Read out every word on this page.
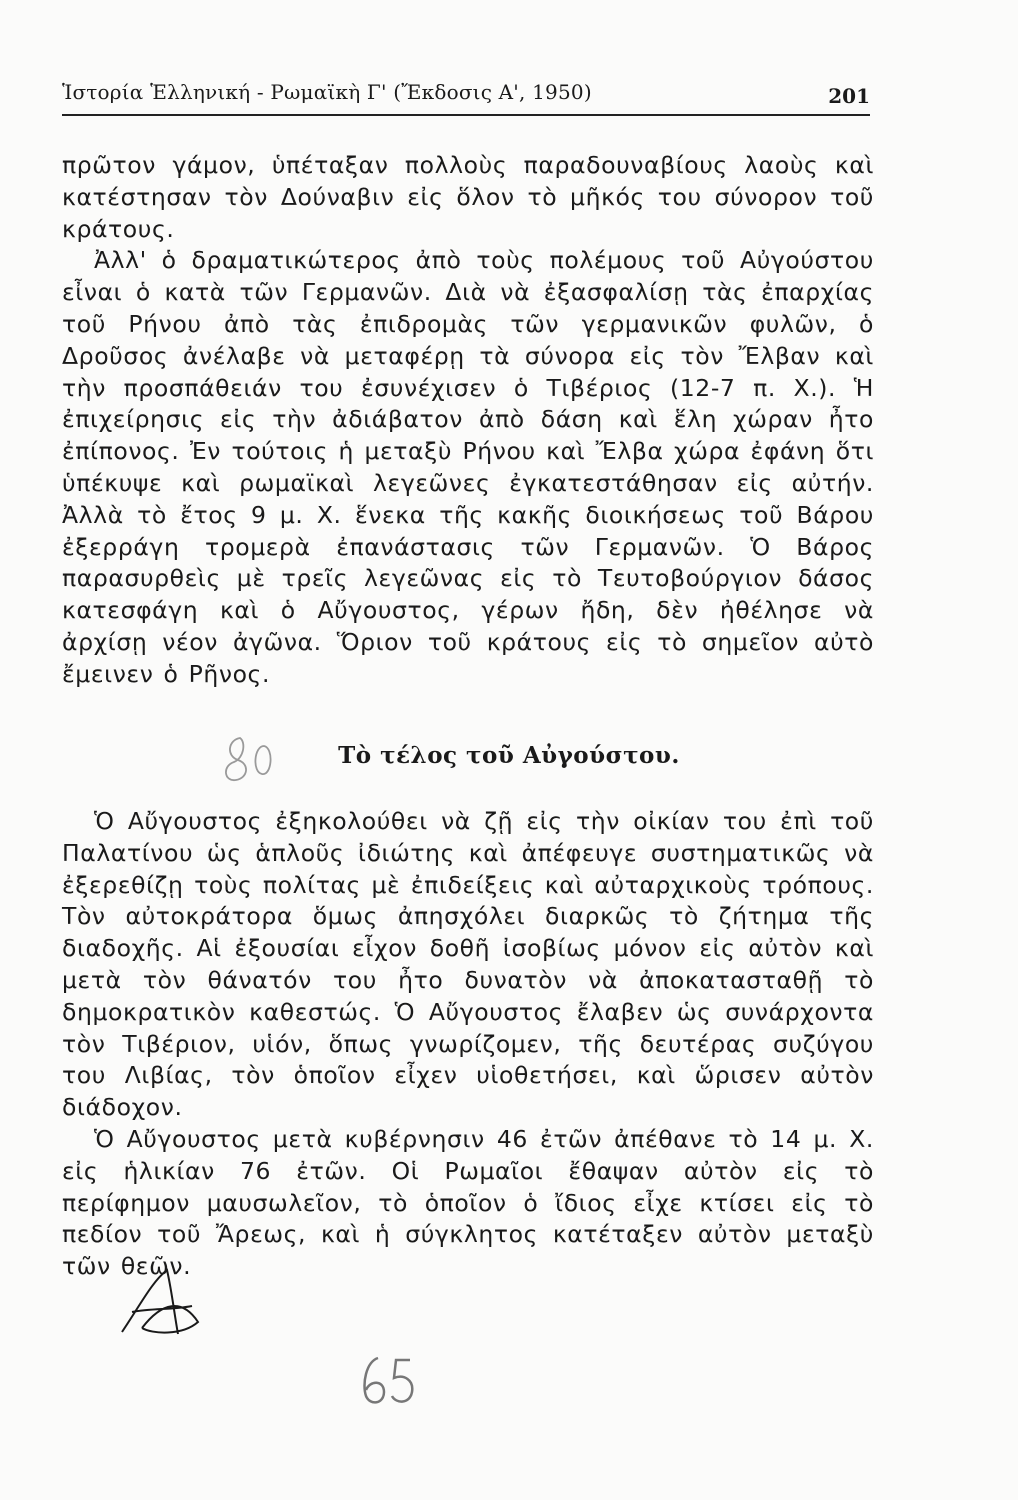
Ἱστορία Ἑλληνική - Ρωμαϊκὴ Γ' (Ἔκδοσις Α', 1950)	201

πρῶτον γάμον, ὑπέταξαν πολλοὺς παραδουναβίους λαοὺς καὶ κατέστησαν τὸν Δούναβιν εἰς ὅλον τὸ μῆκός του σύνορον τοῦ κράτους.

Ἀλλ' ὁ δραματικώτερος ἀπὸ τοὺς πολέμους τοῦ Αὐγούστου εἶναι ὁ κατὰ τῶν Γερμανῶν. Διὰ νὰ ἐξασφαλίσῃ τὰς ἐπαρχίας τοῦ Ρήνου ἀπὸ τὰς ἐπιδρομὰς τῶν γερμανικῶν φυλῶν, ὁ Δροῦσος ἀνέλαβε νὰ μεταφέρῃ τὰ σύνορα εἰς τὸν Ἔλβαν καὶ τὴν προσπάθειάν του ἐσυνέχισεν ὁ Τιβέριος (12-7 π. Χ.). Ἡ ἐπιχείρησις εἰς τὴν ἀδιάβατον ἀπὸ δάση καὶ ἕλη χώραν ἦτο ἐπίπονος. Ἐν τούτοις ἡ μεταξὺ Ρήνου καὶ Ἔλβα χώρα ἐφάνη ὅτι ὑπέκυψε καὶ ρωμαϊκαὶ λεγεῶνες ἐγκατεστάθησαν εἰς αὐτήν. Ἀλλὰ τὸ ἔτος 9 μ. Χ. ἕνεκα τῆς κακῆς διοικήσεως τοῦ Βάρου ἐξερράγη τρομερὰ ἐπανάστασις τῶν Γερμανῶν. Ὁ Βάρος παρασυρθεὶς μὲ τρεῖς λεγεῶνας εἰς τὸ Τευτοβούργιον δάσος κατεσφάγη καὶ ὁ Αὔγουστος, γέρων ἤδη, δὲν ἠθέλησε νὰ ἀρχίσῃ νέον ἀγῶνα. Ὅριον τοῦ κράτους εἰς τὸ σημεῖον αὐτὸ ἔμεινεν ὁ Ρῆνος.

Τὸ τέλος τοῦ Αὐγούστου.

Ὁ Αὔγουστος ἐξηκολούθει νὰ ζῇ εἰς τὴν οἰκίαν του ἐπὶ τοῦ Παλατίνου ὡς ἁπλοῦς ἰδιώτης καὶ ἀπέφευγε συστηματικῶς νὰ ἐξερεθίζῃ τοὺς πολίτας μὲ ἐπιδείξεις καὶ αὐταρχικοὺς τρόπους. Τὸν αὐτοκράτορα ὅμως ἀπησχόλει διαρκῶς τὸ ζήτημα τῆς διαδοχῆς. Αἱ ἐξουσίαι εἶχον δοθῆ ἰσοβίως μόνον εἰς αὐτὸν καὶ μετὰ τὸν θάνατόν του ἦτο δυνατὸν νὰ ἀποκατασταθῇ τὸ δημοκρατικὸν καθεστώς. Ὁ Αὔγουστος ἔλαβεν ὡς συνάρχοντα τὸν Τιβέριον, υἱόν, ὅπως γνωρίζομεν, τῆς δευτέρας συζύγου του Λιβίας, τὸν ὁποῖον εἶχεν υἱοθετήσει, καὶ ὥρισεν αὐτὸν διάδοχον.

Ὁ Αὔγουστος μετὰ κυβέρνησιν 46 ἐτῶν ἀπέθανε τὸ 14 μ. Χ. εἰς ἡλικίαν 76 ἐτῶν. Οἱ Ρωμαῖοι ἔθαψαν αὐτὸν εἰς τὸ περίφημον μαυσωλεῖον, τὸ ὁποῖον ὁ ἴδιος εἶχε κτίσει εἰς τὸ πεδίον τοῦ Ἄρεως, καὶ ἡ σύγκλητος κατέταξεν αὐτὸν μεταξὺ τῶν θεῶν.
